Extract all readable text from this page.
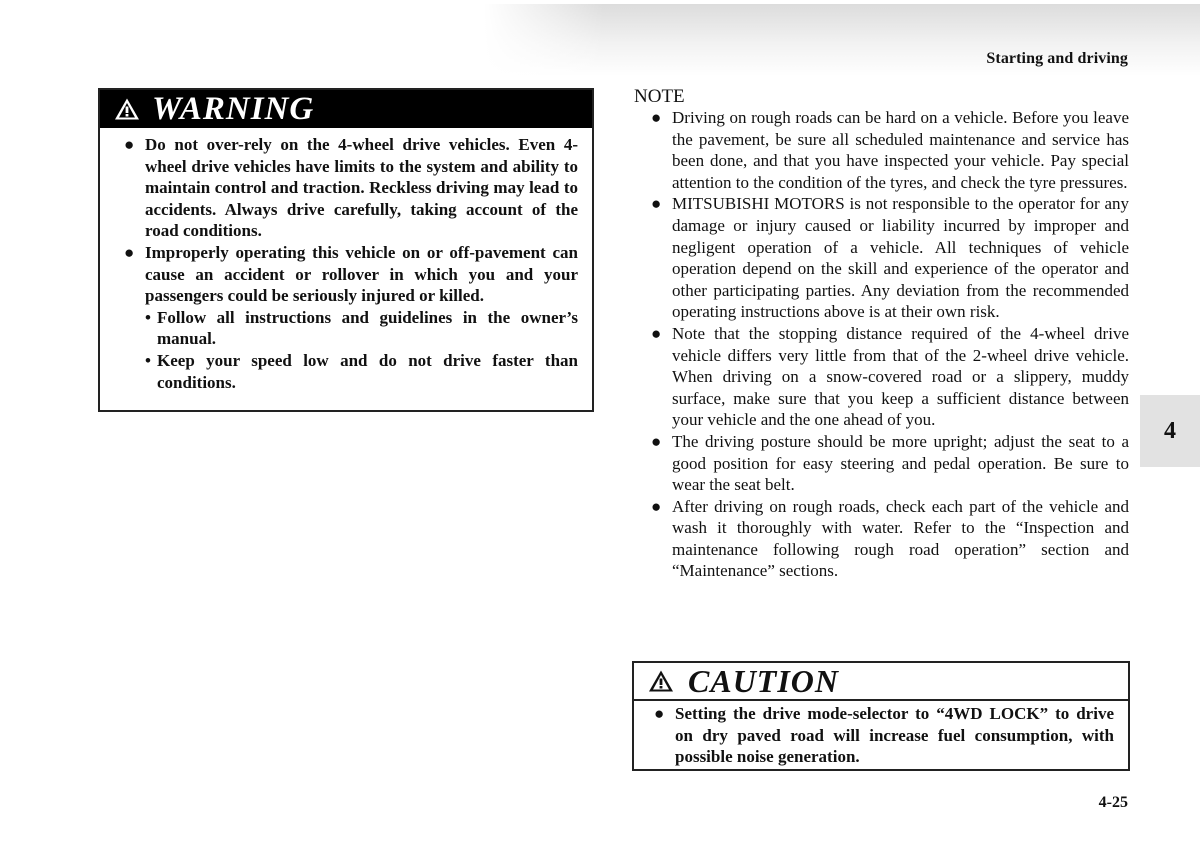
Starting and driving
WARNING
● Do not over-rely on the 4-wheel drive vehicles. Even 4-wheel drive vehicles have limits to the system and ability to maintain control and traction. Reckless driving may lead to accidents. Always drive carefully, taking account of the road conditions.
● Improperly operating this vehicle on or off-pavement can cause an accident or rollover in which you and your passengers could be seriously injured or killed.
• Follow all instructions and guidelines in the owner’s manual.
• Keep your speed low and do not drive faster than conditions.
NOTE
● Driving on rough roads can be hard on a vehicle. Before you leave the pavement, be sure all scheduled maintenance and service has been done, and that you have inspected your vehicle. Pay special attention to the condition of the tyres, and check the tyre pressures.
● MITSUBISHI MOTORS is not responsible to the operator for any damage or injury caused or liability incurred by improper and negligent operation of a vehicle. All techniques of vehicle operation depend on the skill and experience of the operator and other participating parties. Any deviation from the recommended operating instructions above is at their own risk.
● Note that the stopping distance required of the 4-wheel drive vehicle differs very little from that of the 2-wheel drive vehicle. When driving on a snow-covered road or a slippery, muddy surface, make sure that you keep a sufficient distance between your vehicle and the one ahead of you.
● The driving posture should be more upright; adjust the seat to a good position for easy steering and pedal operation. Be sure to wear the seat belt.
● After driving on rough roads, check each part of the vehicle and wash it thoroughly with water. Refer to the “Inspection and maintenance following rough road operation” section and “Maintenance” sections.
CAUTION
● Setting the drive mode-selector to “4WD LOCK” to drive on dry paved road will increase fuel consumption, with possible noise generation.
4
4-25
